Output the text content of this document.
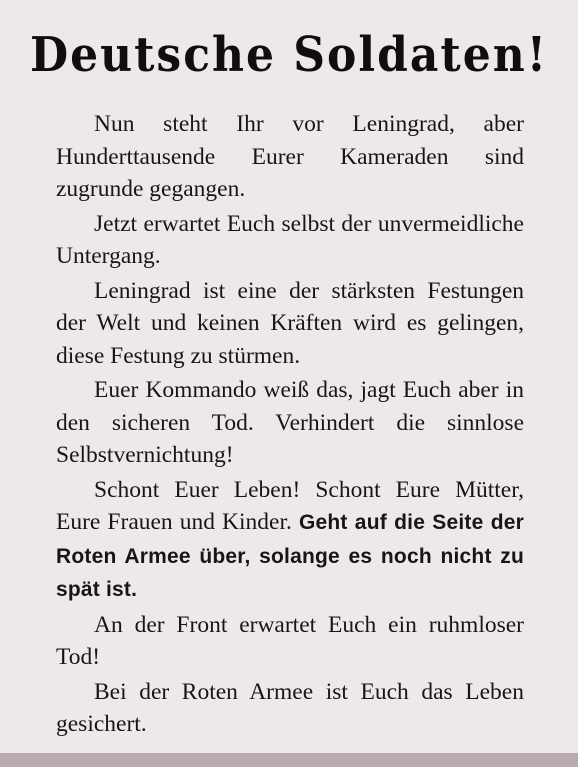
Deutsche Soldaten!

Nun steht Ihr vor Leningrad, aber Hunderttausende Eurer Kameraden sind zugrunde gegangen.

Jetzt erwartet Euch selbst der unvermeidliche Untergang.

Leningrad ist eine der stärksten Festungen der Welt und keinen Kräften wird es gelingen, diese Festung zu stürmen.

Euer Kommando weiß das, jagt Euch aber in den sicheren Tod. Verhindert die sinnlose Selbstvernichtung!

Schont Euer Leben! Schont Eure Mütter, Eure Frauen und Kinder. Geht auf die Seite der Roten Armee über, solange es noch nicht zu spät ist.

An der Front erwartet Euch ein ruhmloser Tod!

Bei der Roten Armee ist Euch das Leben gesichert.
